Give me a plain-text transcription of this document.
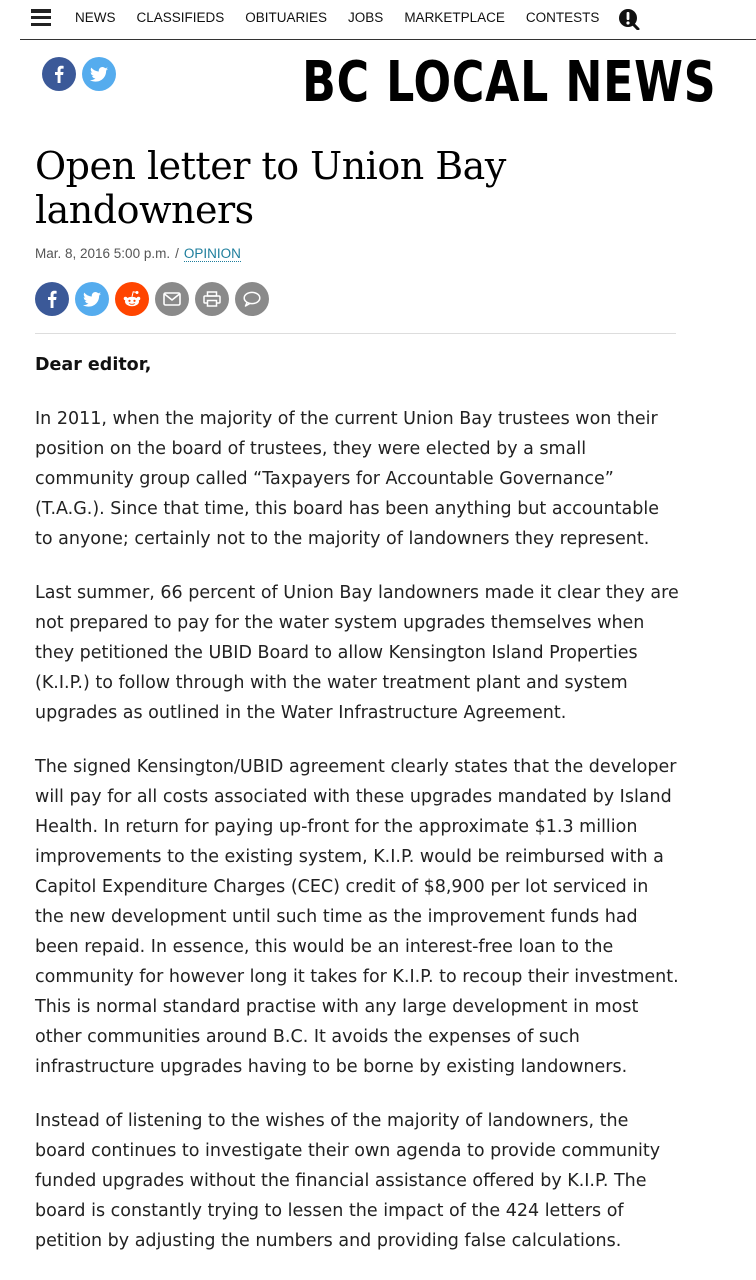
NEWS CLASSIFIEDS OBITUARIES JOBS MARKETPLACE CONTESTS
BC LOCAL NEWS
Open letter to Union Bay landowners
Mar. 8, 2016 5:00 p.m. / OPINION

Dear editor,

In 2011, when the majority of the current Union Bay trustees won their position on the board of trustees, they were elected by a small community group called “Taxpayers for Accountable Governance” (T.A.G.). Since that time, this board has been anything but accountable to anyone; certainly not to the majority of landowners they represent.

Last summer, 66 percent of Union Bay landowners made it clear they are not prepared to pay for the water system upgrades themselves when they petitioned the UBID Board to allow Kensington Island Properties (K.I.P.) to follow through with the water treatment plant and system upgrades as outlined in the Water Infrastructure Agreement.

The signed Kensington/UBID agreement clearly states that the developer will pay for all costs associated with these upgrades mandated by Island Health. In return for paying up-front for the approximate $1.3 million improvements to the existing system, K.I.P. would be reimbursed with a Capitol Expenditure Charges (CEC) credit of $8,900 per lot serviced in the new development until such time as the improvement funds had been repaid. In essence, this would be an interest-free loan to the community for however long it takes for K.I.P. to recoup their investment. This is normal standard practise with any large development in most other communities around B.C. It avoids the expenses of such infrastructure upgrades having to be borne by existing landowners.

Instead of listening to the wishes of the majority of landowners, the board continues to investigate their own agenda to provide community funded upgrades without the financial assistance offered by K.I.P. The board is constantly trying to lessen the impact of the 424 letters of petition by adjusting the numbers and providing false calculations.
